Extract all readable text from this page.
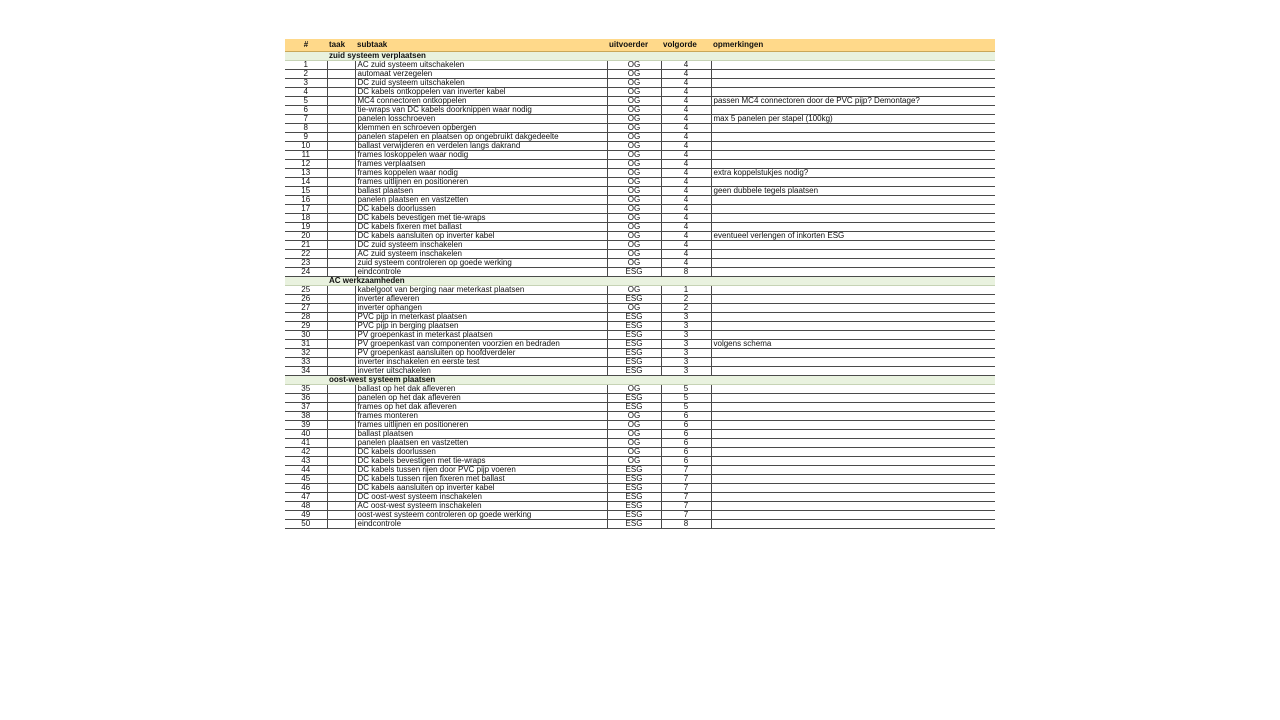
#	taak	subtaak	uitvoerder	volgorde	opmerkingen
	zuid systeem verplaatsen				
1		AC zuid systeem uitschakelen	OG	4	
2		automaat verzegelen	OG	4	
3		DC zuid systeem uitschakelen	OG	4	
4		DC kabels ontkoppelen van inverter kabel	OG	4	
5		MC4 connectoren ontkoppelen	OG	4	passen MC4 connectoren door de PVC pijp? Demontage?
6		tie-wraps van DC kabels doorknippen waar nodig	OG	4	
7		panelen losschroeven	OG	4	max 5 panelen per stapel (100kg)
8		klemmen en schroeven opbergen	OG	4	
9		panelen stapelen en plaatsen op ongebruikt dakgedeelte	OG	4	
10		ballast verwijderen en verdelen langs dakrand	OG	4	
11		frames loskoppelen waar nodig	OG	4	
12		frames verplaatsen	OG	4	
13		frames koppelen waar nodig	OG	4	extra koppelstukjes nodig?
14		frames uitlijnen en positioneren	OG	4	
15		ballast plaatsen	OG	4	geen dubbele tegels plaatsen
16		panelen plaatsen en vastzetten	OG	4	
17		DC kabels doorlussen	OG	4	
18		DC kabels bevestigen met tie-wraps	OG	4	
19		DC kabels fixeren met ballast	OG	4	
20		DC kabels aansluiten op inverter kabel	OG	4	eventueel verlengen of inkorten ESG
21		DC zuid systeem inschakelen	OG	4	
22		AC zuid systeem inschakelen	OG	4	
23		zuid systeem controleren op goede werking	OG	4	
24		eindcontrole	ESG	8	
	AC werkzaamheden				
25		kabelgoot van berging naar meterkast plaatsen	OG	1	
26		inverter afleveren	ESG	2	
27		inverter ophangen	OG	2	
28		PVC pijp in meterkast plaatsen	ESG	3	
29		PVC pijp in berging plaatsen	ESG	3	
30		PV groepenkast in meterkast plaatsen	ESG	3	
31		PV groepenkast van componenten voorzien en bedraden	ESG	3	volgens schema
32		PV groepenkast aansluiten op hoofdverdeler	ESG	3	
33		inverter inschakelen en eerste test	ESG	3	
34		inverter uitschakelen	ESG	3	
	oost-west systeem plaatsen				
35		ballast op het dak afleveren	OG	5	
36		panelen op het dak afleveren	ESG	5	
37		frames op het dak afleveren	ESG	5	
38		frames monteren	OG	6	
39		frames uitlijnen en positioneren	OG	6	
40		ballast plaatsen	OG	6	
41		panelen plaatsen en vastzetten	OG	6	
42		DC kabels doorlussen	OG	6	
43		DC kabels bevestigen met tie-wraps	OG	6	
44		DC kabels tussen rijen door PVC pijp voeren	ESG	7	
45		DC kabels tussen rijen fixeren met ballast	ESG	7	
46		DC kabels aansluiten op inverter kabel	ESG	7	
47		DC oost-west systeem inschakelen	ESG	7	
48		AC oost-west systeem inschakelen	ESG	7	
49		oost-west systeem controleren op goede werking	ESG	7	
50		eindcontrole	ESG	8	
